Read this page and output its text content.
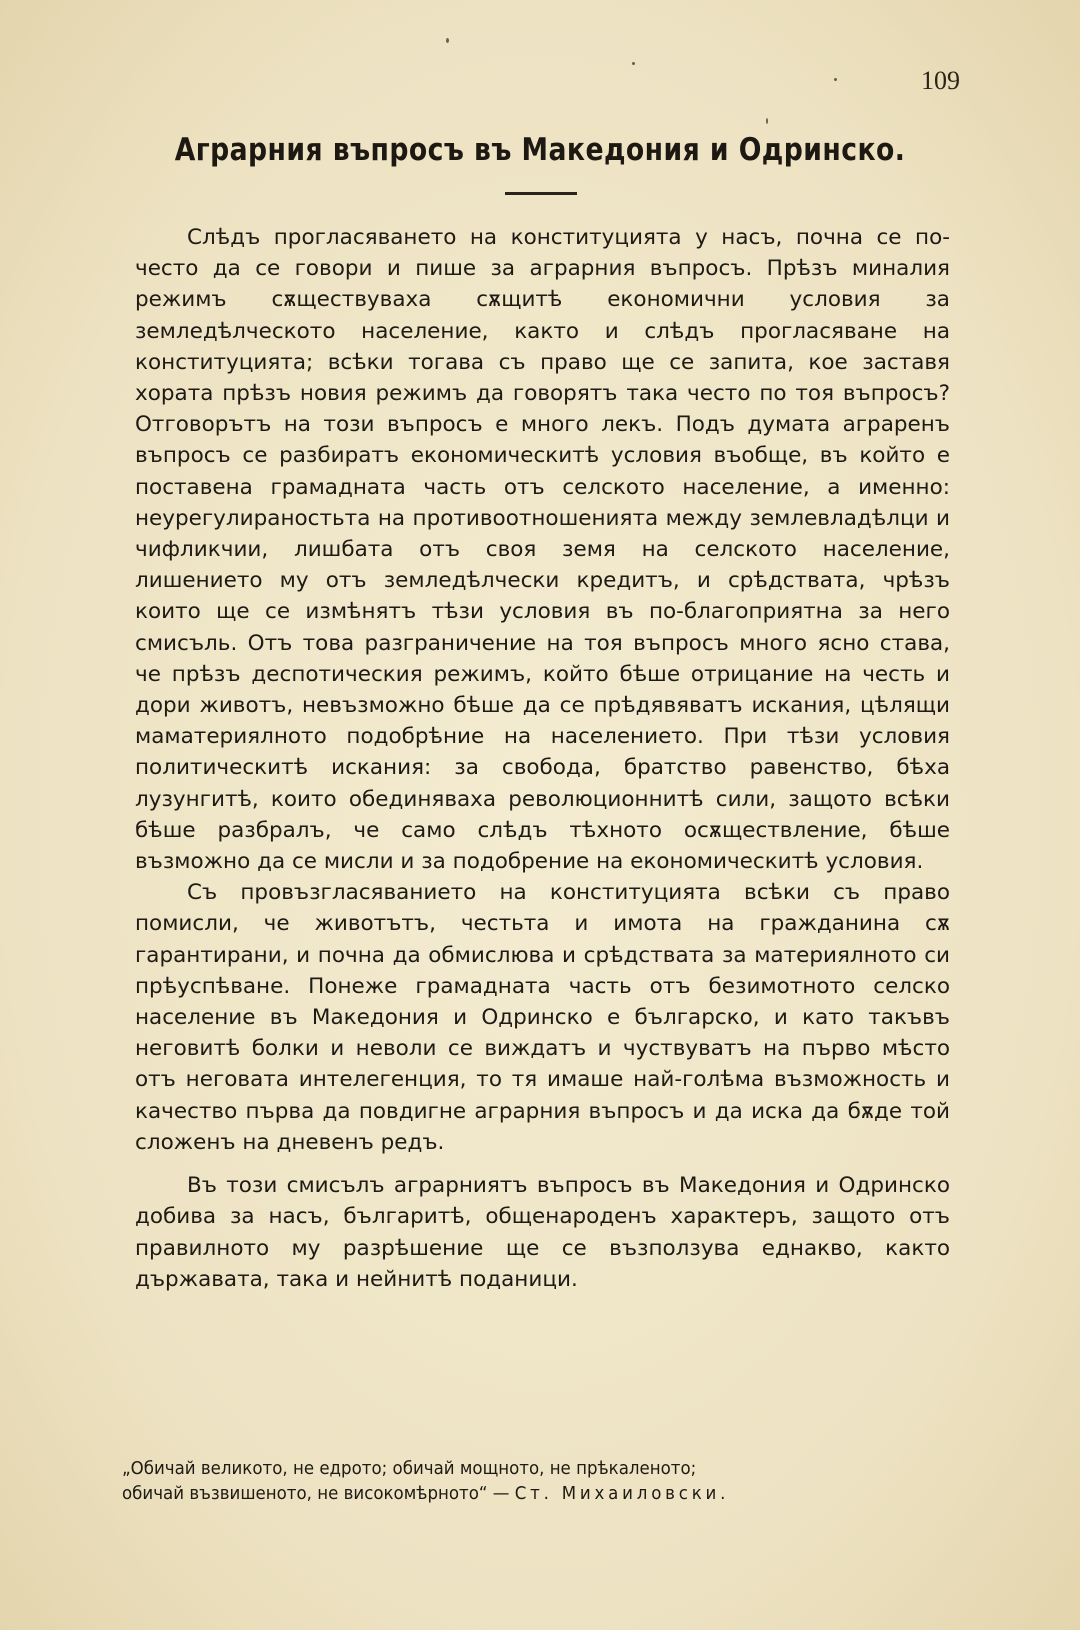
109
Аграрния въпросъ въ Македония и Одринско.

Слѣдъ прогласяването на конституцията у насъ, почна се по-често да се говори и пише за аграрния въпросъ. Прѣзъ миналия режимъ сѫществуваха сѫщитѣ економични условия за земледѣлческото население, както и слѣдъ прогласяване на конституцията; всѣки тогава съ право ще се запита, кое заставя хората прѣзъ новия режимъ да говорятъ така често по тоя въпросъ? Отговорътъ на този въпросъ е много лекъ. Подъ думата аграренъ въпросъ се разбиратъ економическитѣ условия въобще, въ който е поставена грамадната часть отъ селското население, а именно: неурегулираностьта на противоотношенията между землевладѣлци и чифликчии, лишбата отъ своя земя на селското население, лишението му отъ земледѣлчески кредитъ, и срѣдствата, чрѣзъ които ще се измѣнятъ тѣзи условия въ по-благоприятна за него смисъль. Отъ това разграничение на тоя въпросъ много ясно става, че прѣзъ деспотическия режимъ, който бѣше отрицание на честь и дори животъ, невъзможно бѣше да се прѣдявяватъ искания, цѣлящи маматериялното подобрѣние на населението. При тѣзи условия политическитѣ искания: за свобода, братство равенство, бѣха лузунгитѣ, които обединяваха революционнитѣ сили, защото всѣки бѣше разбралъ, че само слѣдъ тѣхното осѫществление, бѣше възможно да се мисли и за подобрение на економическитѣ условия.

Съ провъзгласяванието на конституцията всѣки съ право помисли, че животътъ, честьта и имота на гражданина сѫ гарантирани, и почна да обмислюва и срѣдствата за материялното си прѣуспѣване. Понеже грамадната часть отъ безимотното селско население въ Македония и Одринско е българско, и като такъвъ неговитѣ болки и неволи се виждатъ и чуствуватъ на първо мѣсто отъ неговата интелегенция, то тя имаше най-голѣма възможность и качество първа да повдигне аграрния въпросъ и да иска да бѫде той сложенъ на дневенъ редъ.

Въ този смисълъ аграрниятъ въпросъ въ Македония и Одринско добива за насъ, българитѣ, общенароденъ характеръ, защото отъ правилното му разрѣшение ще се възползува еднакво, както държавата, така и нейнитѣ поданици.

„Обичай великото, не едрото; обичай мощното, не прѣкаленото;
обичай възвишеното, не високомѣрното“ — Ст. Михаиловски.
